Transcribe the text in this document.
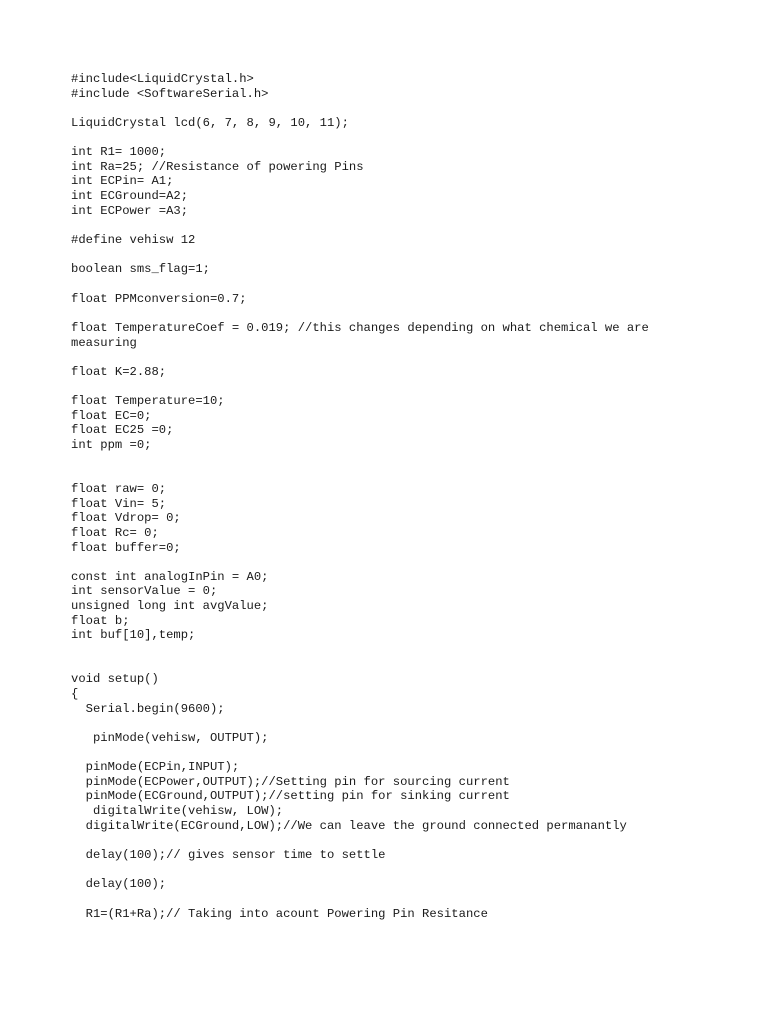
#include<LiquidCrystal.h>
#include <SoftwareSerial.h>
LiquidCrystal lcd(6, 7, 8, 9, 10, 11);
int R1= 1000;
int Ra=25; //Resistance of powering Pins
int ECPin= A1;
int ECGround=A2;
int ECPower =A3;
#define vehisw 12
boolean sms_flag=1;
float PPMconversion=0.7;
float TemperatureCoef = 0.019; //this changes depending on what chemical we are
measuring
float K=2.88;
float Temperature=10;
float EC=0;
float EC25 =0;
int ppm =0;
float raw= 0;
float Vin= 5;
float Vdrop= 0;
float Rc= 0;
float buffer=0;
const int analogInPin = A0;
int sensorValue = 0;
unsigned long int avgValue;
float b;
int buf[10],temp;
void setup()
{
Serial.begin(9600);
pinMode(vehisw, OUTPUT);
pinMode(ECPin,INPUT);
pinMode(ECPower,OUTPUT);//Setting pin for sourcing current
pinMode(ECGround,OUTPUT);//setting pin for sinking current
digitalWrite(vehisw, LOW);
digitalWrite(ECGround,LOW);//We can leave the ground connected permanantly
delay(100);// gives sensor time to settle
delay(100);
R1=(R1+Ra);// Taking into acount Powering Pin Resitance
